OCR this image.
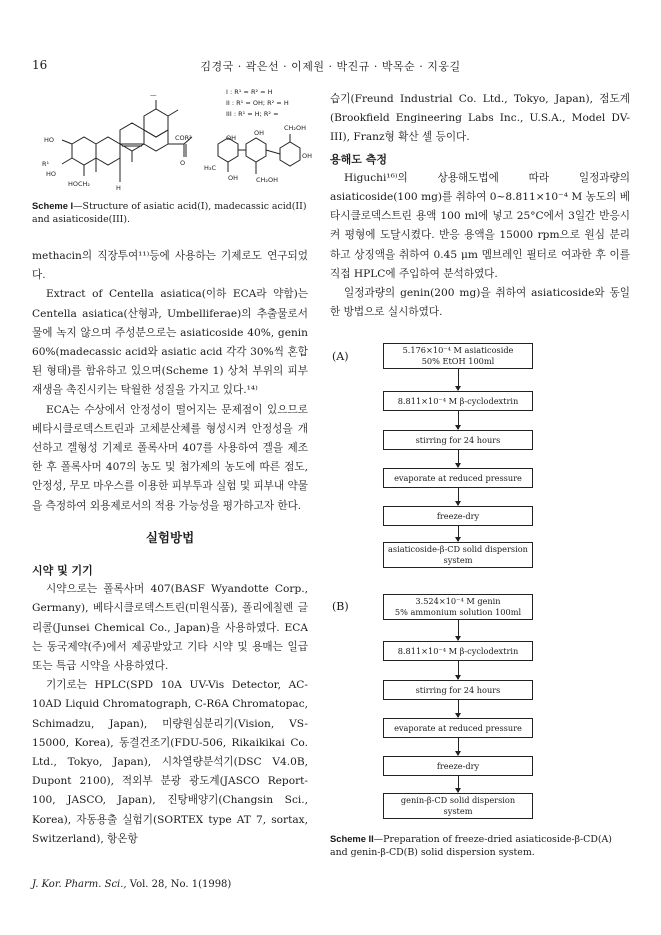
16	김경국 · 곽은선 · 이제원 · 박진규 · 박목순 · 지웅길
COR²
O
HO
R¹
HO
HOCH₂	H
—
OH
OH
CH₂OH
H₃C
OH	CH₂OH
OH
I : R¹ = R² = H
II : R¹ = OH; R² = H
III : R¹ = H; R² =
Scheme I—Structure of asiatic acid(I), madecassic acid(II) and asiaticoside(III).

methacin의 직장투여¹¹⁾등에 사용하는 기제로도 연구되었다.

Extract of Centella asiatica(이하 ECA라 약함)는 Centella asiatica(산형과, Umbelliferae)의 추출물로서 물에 녹지 않으며 주성분으로는 asiaticoside 40%, genin 60%(madecassic acid와 asiatic acid 각각 30%씩 혼합된 형태)를 함유하고 있으며(Scheme 1) 상처 부위의 피부 재생을 촉진시키는 탁월한 성질을 가지고 있다.¹⁴⁾

ECA는 수상에서 안정성이 떨어지는 문제점이 있으므로 베타시클로덱스트린과 고체분산체를 형성시켜 안정성을 개선하고 겔형성 기제로 폴록사머 407를 사용하여 겔을 제조한 후 폴록사머 407의 농도 및 첨가제의 농도에 따른 점도, 안정성, 무모 마우스를 이용한 피부투과 실험 및 피부내 약물을 측정하여 외용제로서의 적용 가능성을 평가하고자 한다.

실험방법
시약 및 기기

시약으로는 폴록사머 407(BASF Wyandotte Corp., Germany), 베타시클로덱스트린(미원식품), 폴리에칠렌 글리콜(Junsei Chemical Co., Japan)을 사용하였다. ECA는 동국제약(주)에서 제공받았고 기타 시약 및 용매는 일급 또는 특급 시약을 사용하였다.

기기로는 HPLC(SPD 10A UV-Vis Detector, AC-10AD Liquid Chromatograph, C-R6A Chromatopac, Schimadzu, Japan), 미량원심분리기(Vision, VS-15000, Korea), 동결건조기(FDU-506, Rikaikikai Co. Ltd., Tokyo, Japan), 시차열량분석기(DSC V4.0B, Dupont 2100), 적외부 분광 광도계(JASCO Report-100, JASCO, Japan), 진탕배양기(Changsin Sci., Korea), 자동용출 실험기(SORTEX type AT 7, sortax, Switzerland), 항온항

습기(Freund Industrial Co. Ltd., Tokyo, Japan), 점도계(Brookfield Engineering Labs Inc., U.S.A., Model DV-III), Franz형 확산 셀 등이다.

용해도 측정

Higuchi¹⁶⁾의 상용해도법에 따라 일정과량의 asiaticoside(100 mg)를 취하여 0~8.811×10⁻⁴ M 농도의 베타시클로덱스트린 용액 100 ml에 넣고 25°C에서 3일간 반응시켜 평형에 도달시켰다. 반응 용액을 15000 rpm으로 원심 분리하고 상징액을 취하여 0.45 μm 멤브레인 필터로 여과한 후 이를 직접 HPLC에 주입하여 분석하였다.

일정과량의 genin(200 mg)을 취하여 asiaticoside와 동일한 방법으로 실시하였다.

(A)
(B)
5.176×10⁻⁴ M asiaticoside
50% EtOH 100ml
8.811×10⁻⁴ M β-cyclodextrin
stirring for 24 hours
evaporate at reduced pressure
freeze-dry
asiaticoside-β-CD solid dispersion
system
3.524×10⁻⁴ M genin
5% ammonium solution 100ml
8.811×10⁻⁴ M β-cyclodextrin
stirring for 24 hours
evaporate at reduced pressure
freeze-dry
genin-β-CD solid dispersion
system
Scheme II—Preparation of freeze-dried asiaticoside-β-CD(A) and genin-β-CD(B) solid dispersion system.
J. Kor. Pharm. Sci., Vol. 28, No. 1(1998)
